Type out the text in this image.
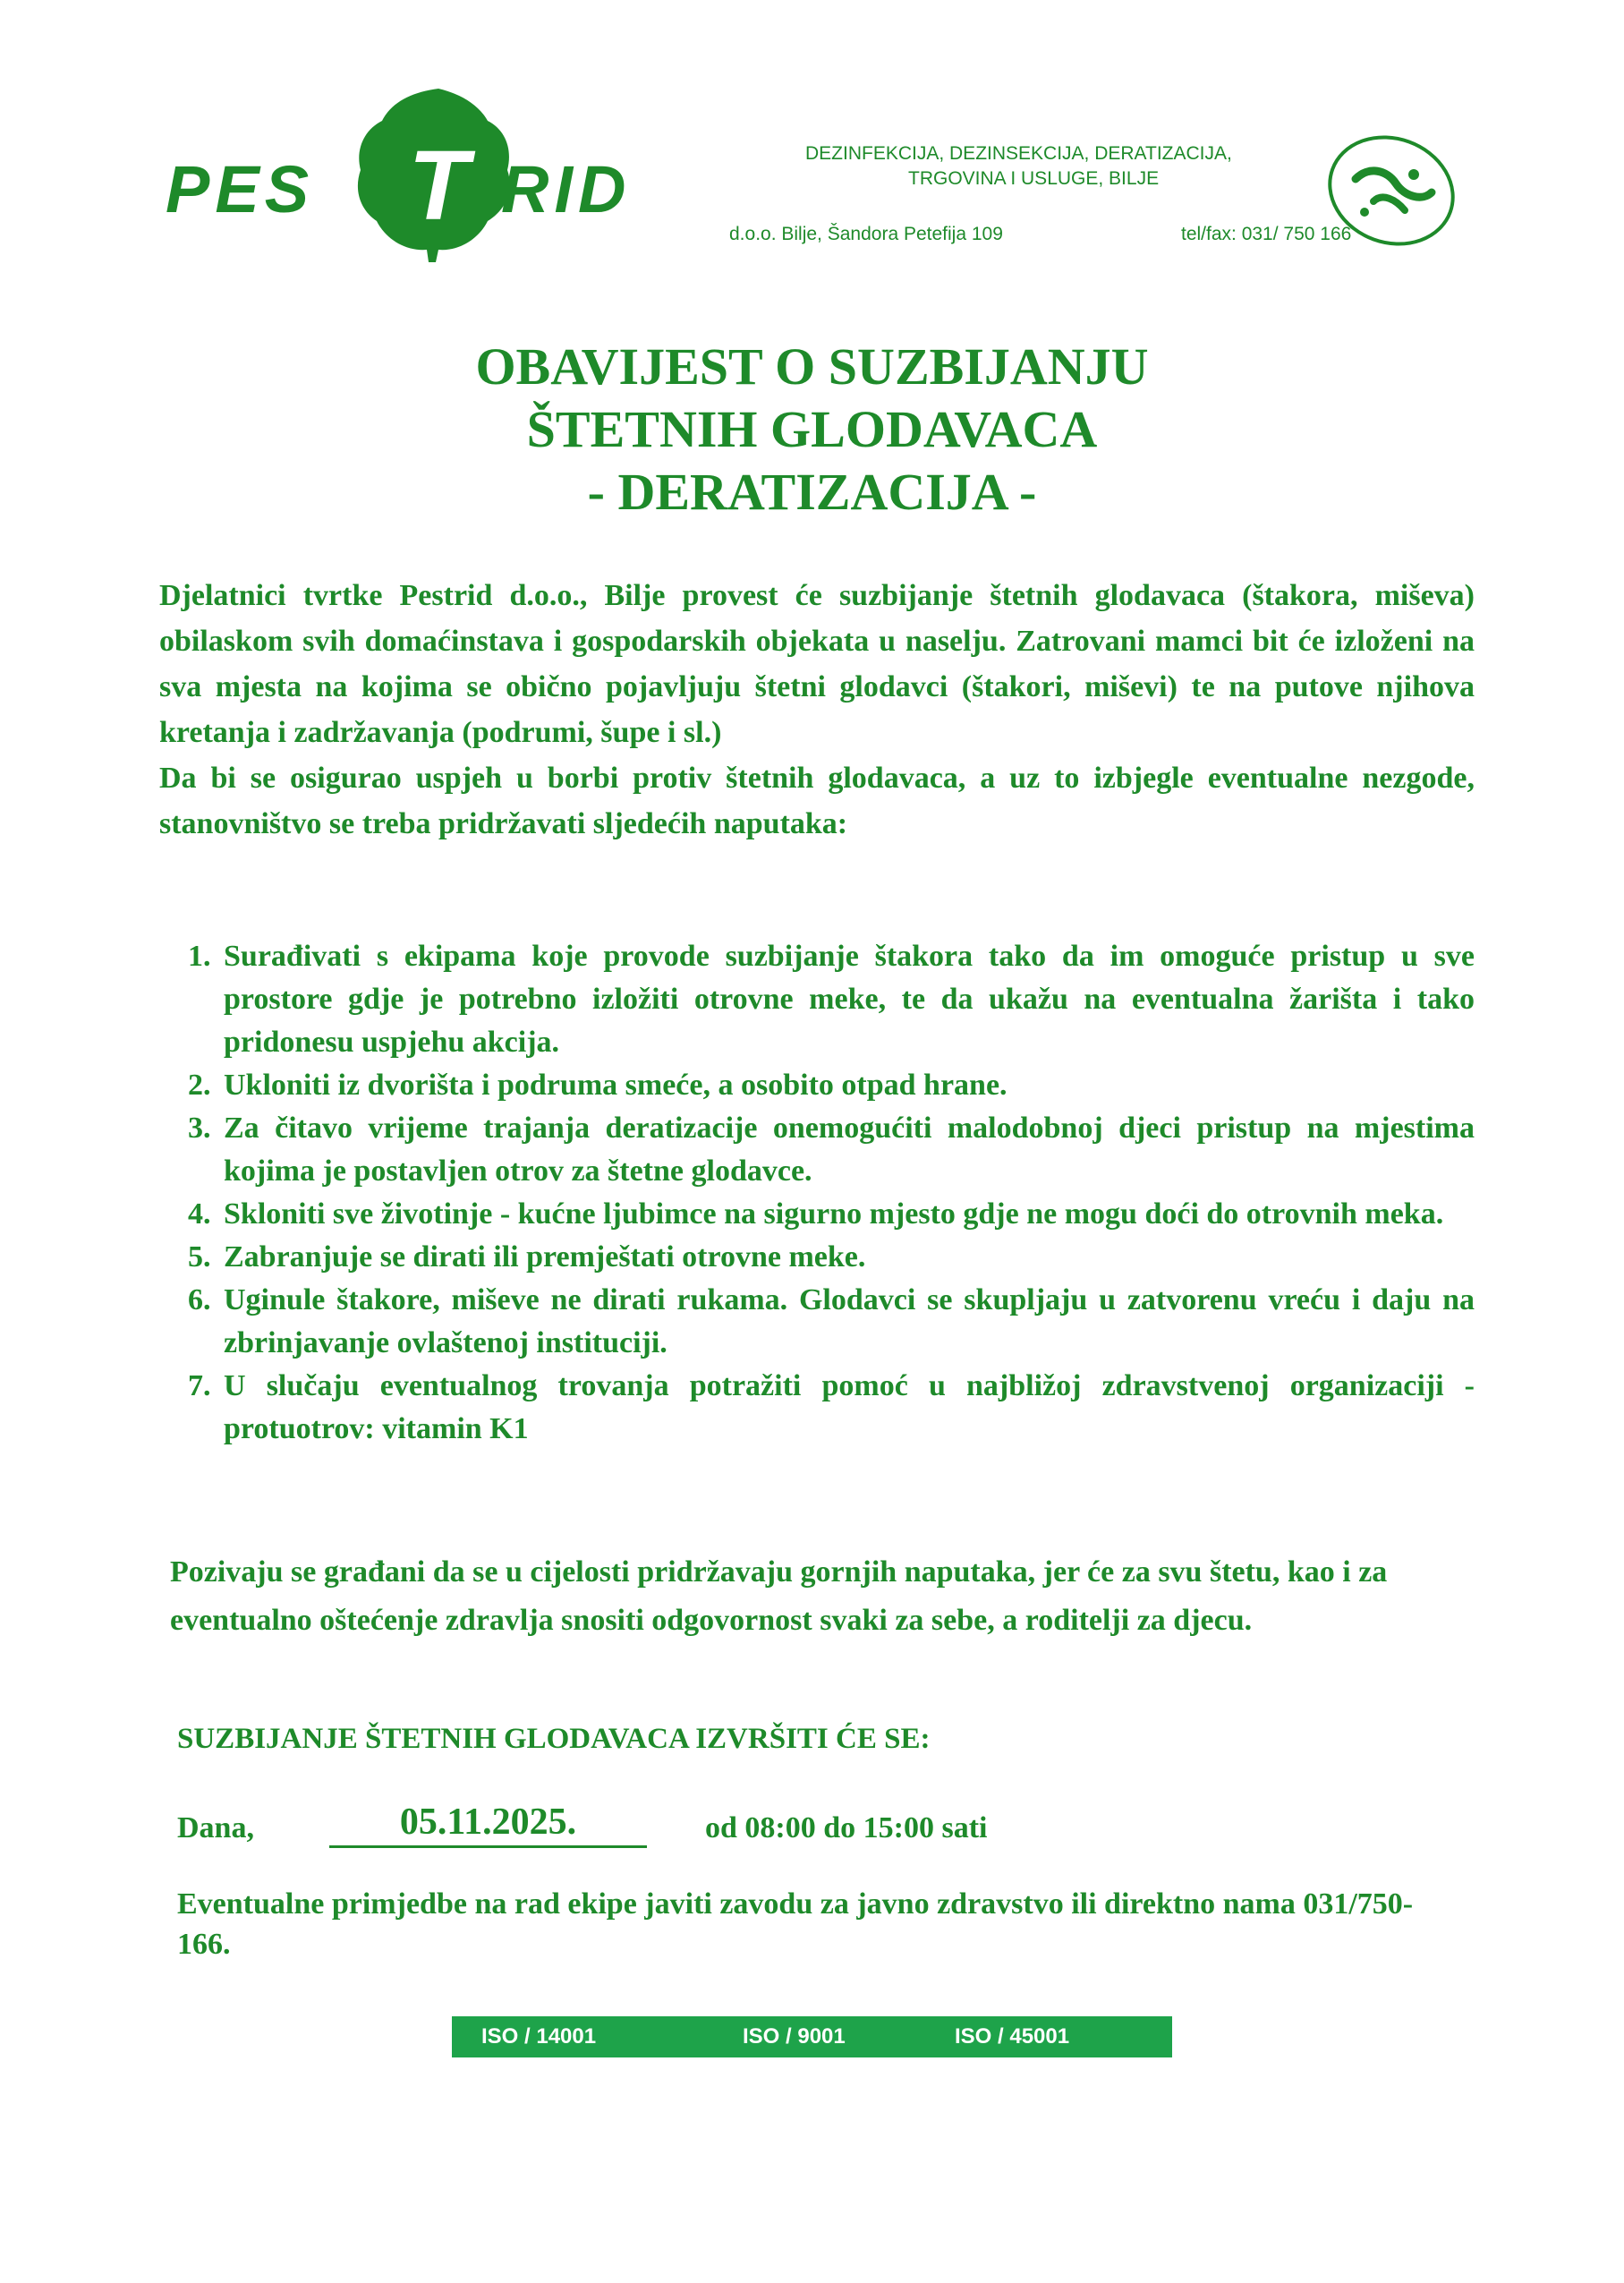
PES T RID	DEZINFEKCIJA, DEZINSEKCIJA, DERATIZACIJA,
TRGOVINA I USLUGE, BILJE
d.o.o. Bilje, Šandora Petefija 109	tel/fax: 031/ 750 166
OBAVIJEST O SUZBIJANJU
ŠTETNIH GLODAVACA
- DERATIZACIJA -

Djelatnici tvrtke Pestrid d.o.o., Bilje provest će suzbijanje štetnih glodavaca (štakora, miševa) obilaskom svih domaćinstava i gospodarskih objekata u naselju. Zatrovani mamci bit će izloženi na sva mjesta na kojima se obično pojavljuju štetni glodavci (štakori, miševi) te na putove njihova kretanja i zadržavanja (podrumi, šupe i sl.)

Da bi se osigurao uspjeh u borbi protiv štetnih glodavaca, a uz to izbjegle eventualne nezgode, stanovništvo se treba pridržavati sljedećih naputaka:

1. Surađivati s ekipama koje provode suzbijanje štakora tako da im omoguće pristup u sve prostore gdje je potrebno izložiti otrovne meke, te da ukažu na eventualna žarišta i tako pridonesu uspjehu akcija.
2. Ukloniti iz dvorišta i podruma smeće, a osobito otpad hrane.
3. Za čitavo vrijeme trajanja deratizacije onemogućiti malodobnoj djeci pristup na mjestima kojima je postavljen otrov za štetne glodavce.
4. Skloniti sve životinje - kućne ljubimce na sigurno mjesto gdje ne mogu doći do otrovnih meka.
5. Zabranjuje se dirati ili premještati otrovne meke.
6. Uginule štakore, miševe ne dirati rukama. Glodavci se skupljaju u zatvorenu vreću i daju na zbrinjavanje ovlaštenoj instituciji.
7. U slučaju eventualnog trovanja potražiti pomoć u najbližoj zdravstvenoj organizaciji - protuotrov: vitamin K1
Pozivaju se građani da se u cijelosti pridržavaju gornjih naputaka, jer će za svu štetu, kao i za eventualno oštećenje zdravlja snositi odgovornost svaki za sebe, a roditelji za djecu.
SUZBIJANJE ŠTETNIH GLODAVACA IZVRŠITI ĆE SE:
Dana,	05.11.2025.	od 08:00 do 15:00 sati
Eventualne primjedbe na rad ekipe javiti zavodu za javno zdravstvo ili direktno nama 031/750-166.
ISO / 14001	ISO / 9001	ISO / 45001
